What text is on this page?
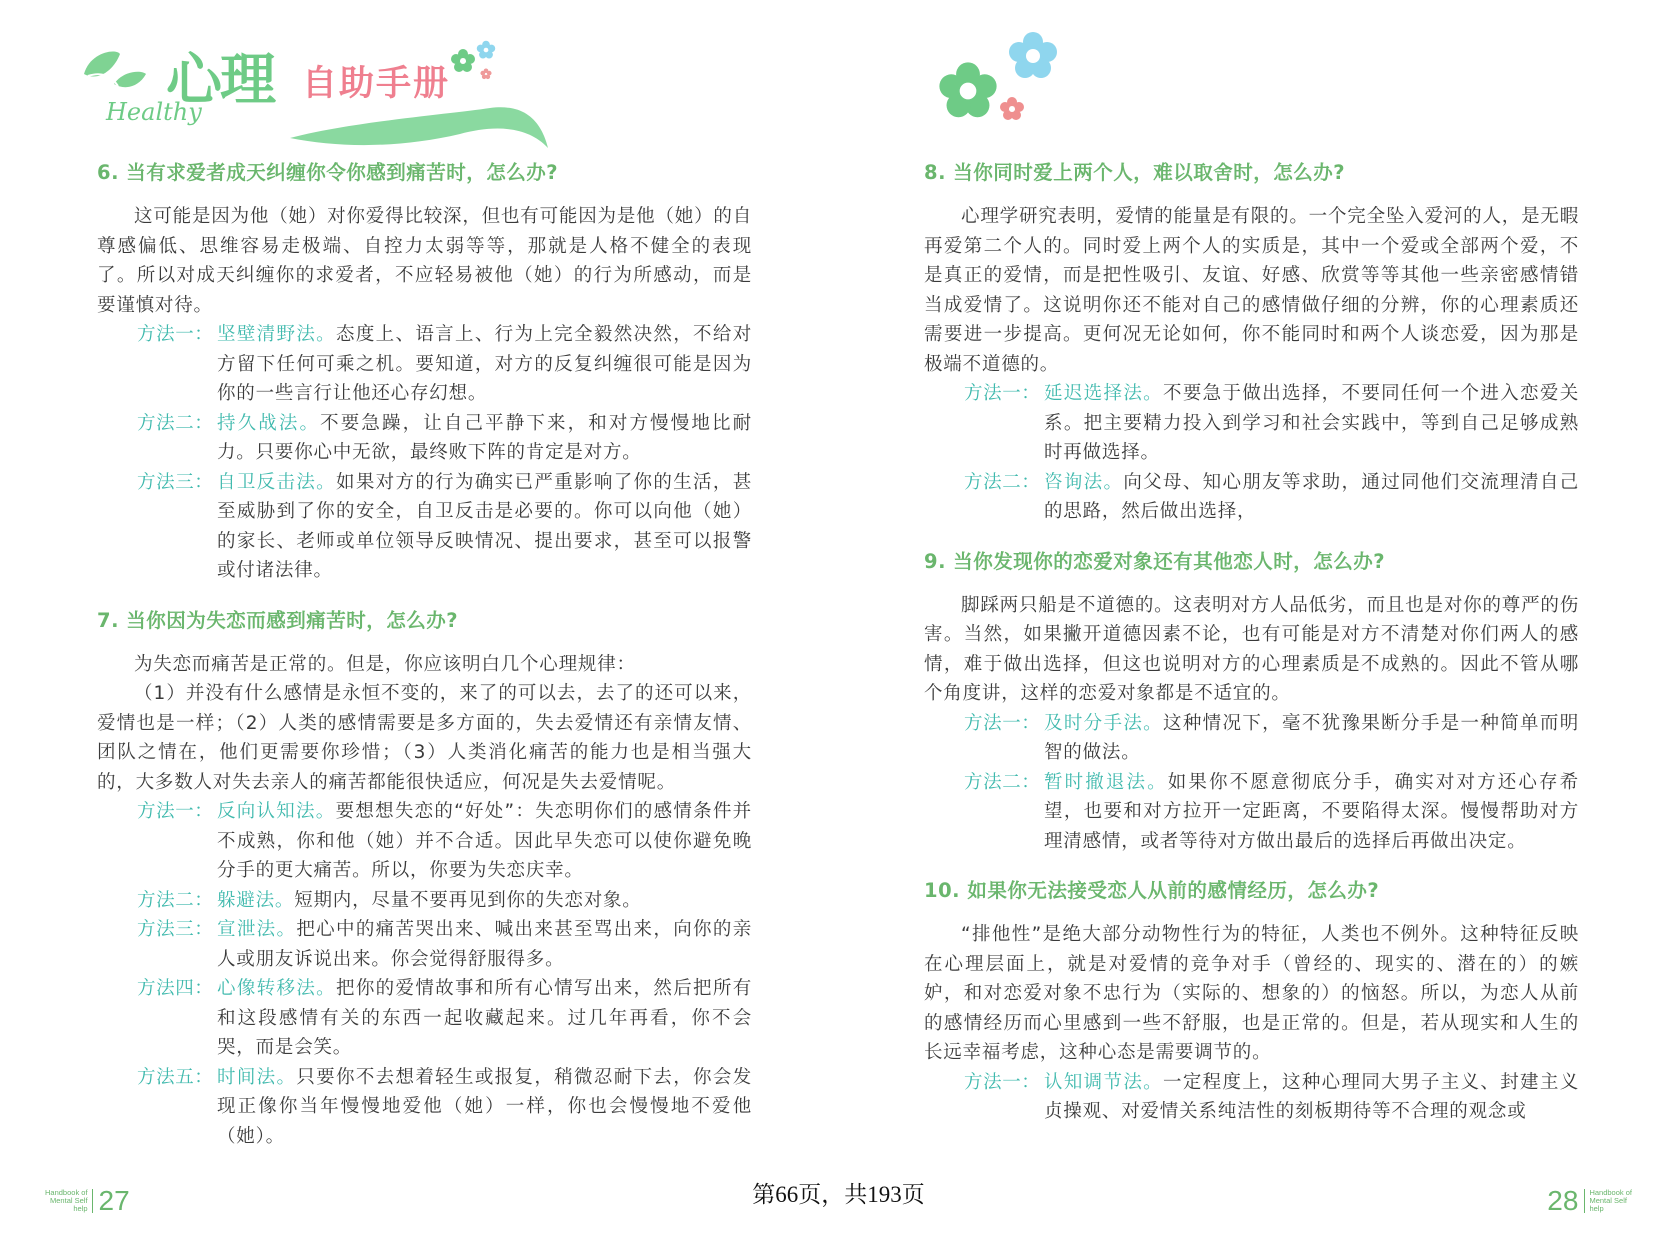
心理 自助手册
Healthy
6. 当有求爱者成天纠缠你令你感到痛苦时，怎么办?

这可能是因为他（她）对你爱得比较深，但也有可能因为是他（她）的自尊感偏低、思维容易走极端、自控力太弱等等，那就是人格不健全的表现了。所以对成天纠缠你的求爱者，不应轻易被他（她）的行为所感动，而是要谨慎对待。

方法一： 坚壁清野法。态度上、语言上、行为上完全毅然决然，不给对方留下任何可乘之机。要知道，对方的反复纠缠很可能是因为你的一些言行让他还心存幻想。
方法二： 持久战法。不要急躁，让自己平静下来，和对方慢慢地比耐力。只要你心中无欲，最终败下阵的肯定是对方。
方法三： 自卫反击法。如果对方的行为确实已严重影响了你的生活，甚至威胁到了你的安全，自卫反击是必要的。你可以向他（她）的家长、老师或单位领导反映情况、提出要求，甚至可以报警或付诸法律。
7. 当你因为失恋而感到痛苦时，怎么办?

为失恋而痛苦是正常的。但是，你应该明白几个心理规律：

（1）并没有什么感情是永恒不变的，来了的可以去，去了的还可以来，爱情也是一样；（2）人类的感情需要是多方面的，失去爱情还有亲情友情、团队之情在，他们更需要你珍惜；（3）人类消化痛苦的能力也是相当强大的，大多数人对失去亲人的痛苦都能很快适应，何况是失去爱情呢。

方法一： 反向认知法。要想想失恋的“好处”：失恋明你们的感情条件并不成熟，你和他（她）并不合适。因此早失恋可以使你避免晚分手的更大痛苦。所以，你要为失恋庆幸。
方法二： 躲避法。短期内，尽量不要再见到你的失恋对象。
方法三： 宣泄法。把心中的痛苦哭出来、喊出来甚至骂出来，向你的亲人或朋友诉说出来。你会觉得舒服得多。
方法四： 心像转移法。把你的爱情故事和所有心情写出来，然后把所有和这段感情有关的东西一起收藏起来。过几年再看，你不会哭，而是会笑。
方法五： 时间法。只要你不去想着轻生或报复，稍微忍耐下去，你会发现正像你当年慢慢地爱他（她）一样，你也会慢慢地不爱他（她）。
Handbook of
Mental Self
help 27
8. 当你同时爱上两个人，难以取舍时，怎么办?

心理学研究表明，爱情的能量是有限的。一个完全坠入爱河的人，是无暇再爱第二个人的。同时爱上两个人的实质是，其中一个爱或全部两个爱，不是真正的爱情，而是把性吸引、友谊、好感、欣赏等等其他一些亲密感情错当成爱情了。这说明你还不能对自己的感情做仔细的分辨，你的心理素质还需要进一步提高。更何况无论如何，你不能同时和两个人谈恋爱，因为那是极端不道德的。

方法一： 延迟选择法。不要急于做出选择，不要同任何一个进入恋爱关系。把主要精力投入到学习和社会实践中，等到自己足够成熟时再做选择。
方法二： 咨询法。向父母、知心朋友等求助，通过同他们交流理清自己的思路，然后做出选择，
9. 当你发现你的恋爱对象还有其他恋人时，怎么办?

脚踩两只船是不道德的。这表明对方人品低劣，而且也是对你的尊严的伤害。当然，如果撇开道德因素不论，也有可能是对方不清楚对你们两人的感情，难于做出选择，但这也说明对方的心理素质是不成熟的。因此不管从哪个角度讲，这样的恋爱对象都是不适宜的。

方法一： 及时分手法。这种情况下，毫不犹豫果断分手是一种简单而明智的做法。
方法二： 暂时撤退法。如果你不愿意彻底分手，确实对对方还心存希望，也要和对方拉开一定距离，不要陷得太深。慢慢帮助对方理清感情，或者等待对方做出最后的选择后再做出决定。
10. 如果你无法接受恋人从前的感情经历，怎么办?

“排他性”是绝大部分动物性行为的特征，人类也不例外。这种特征反映在心理层面上，就是对爱情的竞争对手（曾经的、现实的、潜在的）的嫉妒，和对恋爱对象不忠行为（实际的、想象的）的恼怒。所以，为恋人从前的感情经历而心里感到一些不舒服，也是正常的。但是，若从现实和人生的长远幸福考虑，这种心态是需要调节的。

方法一： 认知调节法。一定程度上，这种心理同大男子主义、封建主义贞操观、对爱情关系纯洁性的刻板期待等不合理的观念或
28	Handbook of
Mental Self
help
第66页，共193页
